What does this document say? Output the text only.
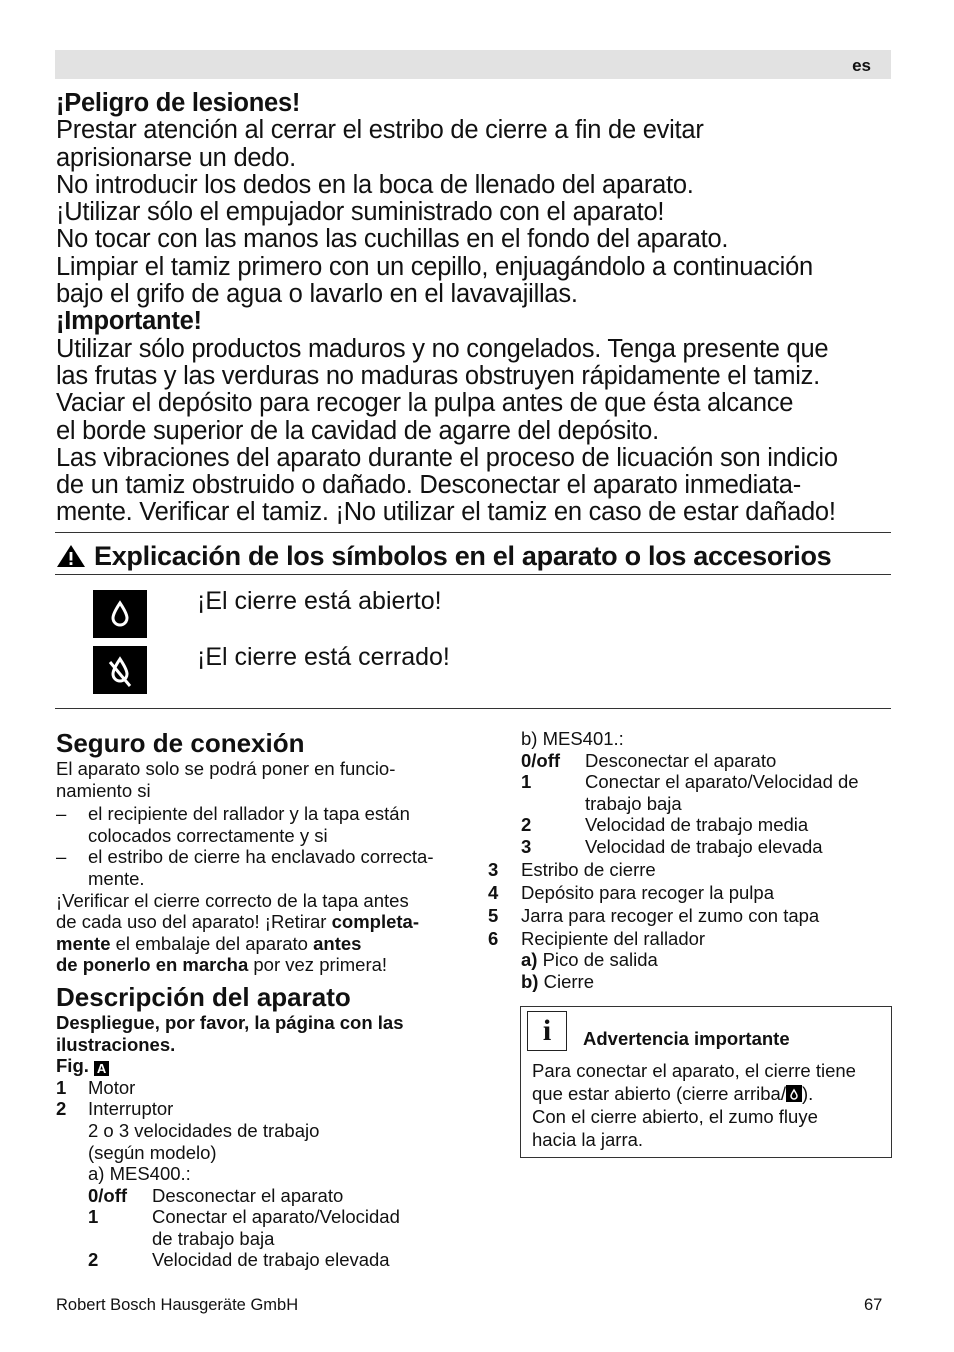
es
¡Peligro de lesiones!
Prestar atención al cerrar el estribo de cierre a fin de evitar
aprisionarse un dedo.
No introducir los dedos en la boca de llenado del aparato.
¡Utilizar sólo el empujador suministrado con el aparato!
No tocar con las manos las cuchillas en el fondo del aparato.
Limpiar el tamiz primero con un cepillo, enjuagándolo a continuación
bajo el grifo de agua o lavarlo en el lavavajillas.
¡Importante!
Utilizar sólo productos maduros y no congelados. Tenga presente que
las frutas y las verduras no maduras obstruyen rápidamente el tamiz.
Vaciar el depósito para recoger la pulpa antes de que ésta alcance
el borde superior de la cavidad de agarre del depósito.
Las vibraciones del aparato durante el proceso de licuación son indicio
de un tamiz obstruido o dañado. Desconectar el aparato inmediata-
mente. Verificar el tamiz. ¡No utilizar el tamiz en caso de estar dañado!
Explicación de los símbolos en el aparato o los accesorios
¡El cierre está abierto!
¡El cierre está cerrado!
Seguro de conexión
El aparato solo se podrá poner en funcio-
namiento si
–	el recipiente del rallador y la tapa están
colocados correctamente y si
–	el estribo de cierre ha enclavado correcta-
mente.
¡Verificar el cierre correcto de la tapa antes
de cada uso del aparato! ¡Retirar completa-
mente el embalaje del aparato antes
de ponerlo en marcha por vez primera!
Descripción del aparato
Despliegue, por favor, la página con las
ilustraciones.
Fig. A
1	Motor
2	Interruptor
2 o 3 velocidades de trabajo
(según modelo)
a) MES400.:
0/off	Desconectar el aparato
1	Conectar el aparato/Velocidad
de trabajo baja
2	Velocidad de trabajo elevada
b) MES401.:
0/off	Desconectar el aparato
1	Conectar el aparato/Velocidad de
trabajo baja
2	Velocidad de trabajo media
3	Velocidad de trabajo elevada
3	Estribo de cierre
4	Depósito para recoger la pulpa
5	Jarra para recoger el zumo con tapa
6	Recipiente del rallador
a) Pico de salida
b) Cierre
i	Advertencia importante
Para conectar el aparato, el cierre tiene
que estar abierto (cierre arriba/ ).
Con el cierre abierto, el zumo fluye
hacia la jarra.
Robert Bosch Hausgeräte GmbH	67
